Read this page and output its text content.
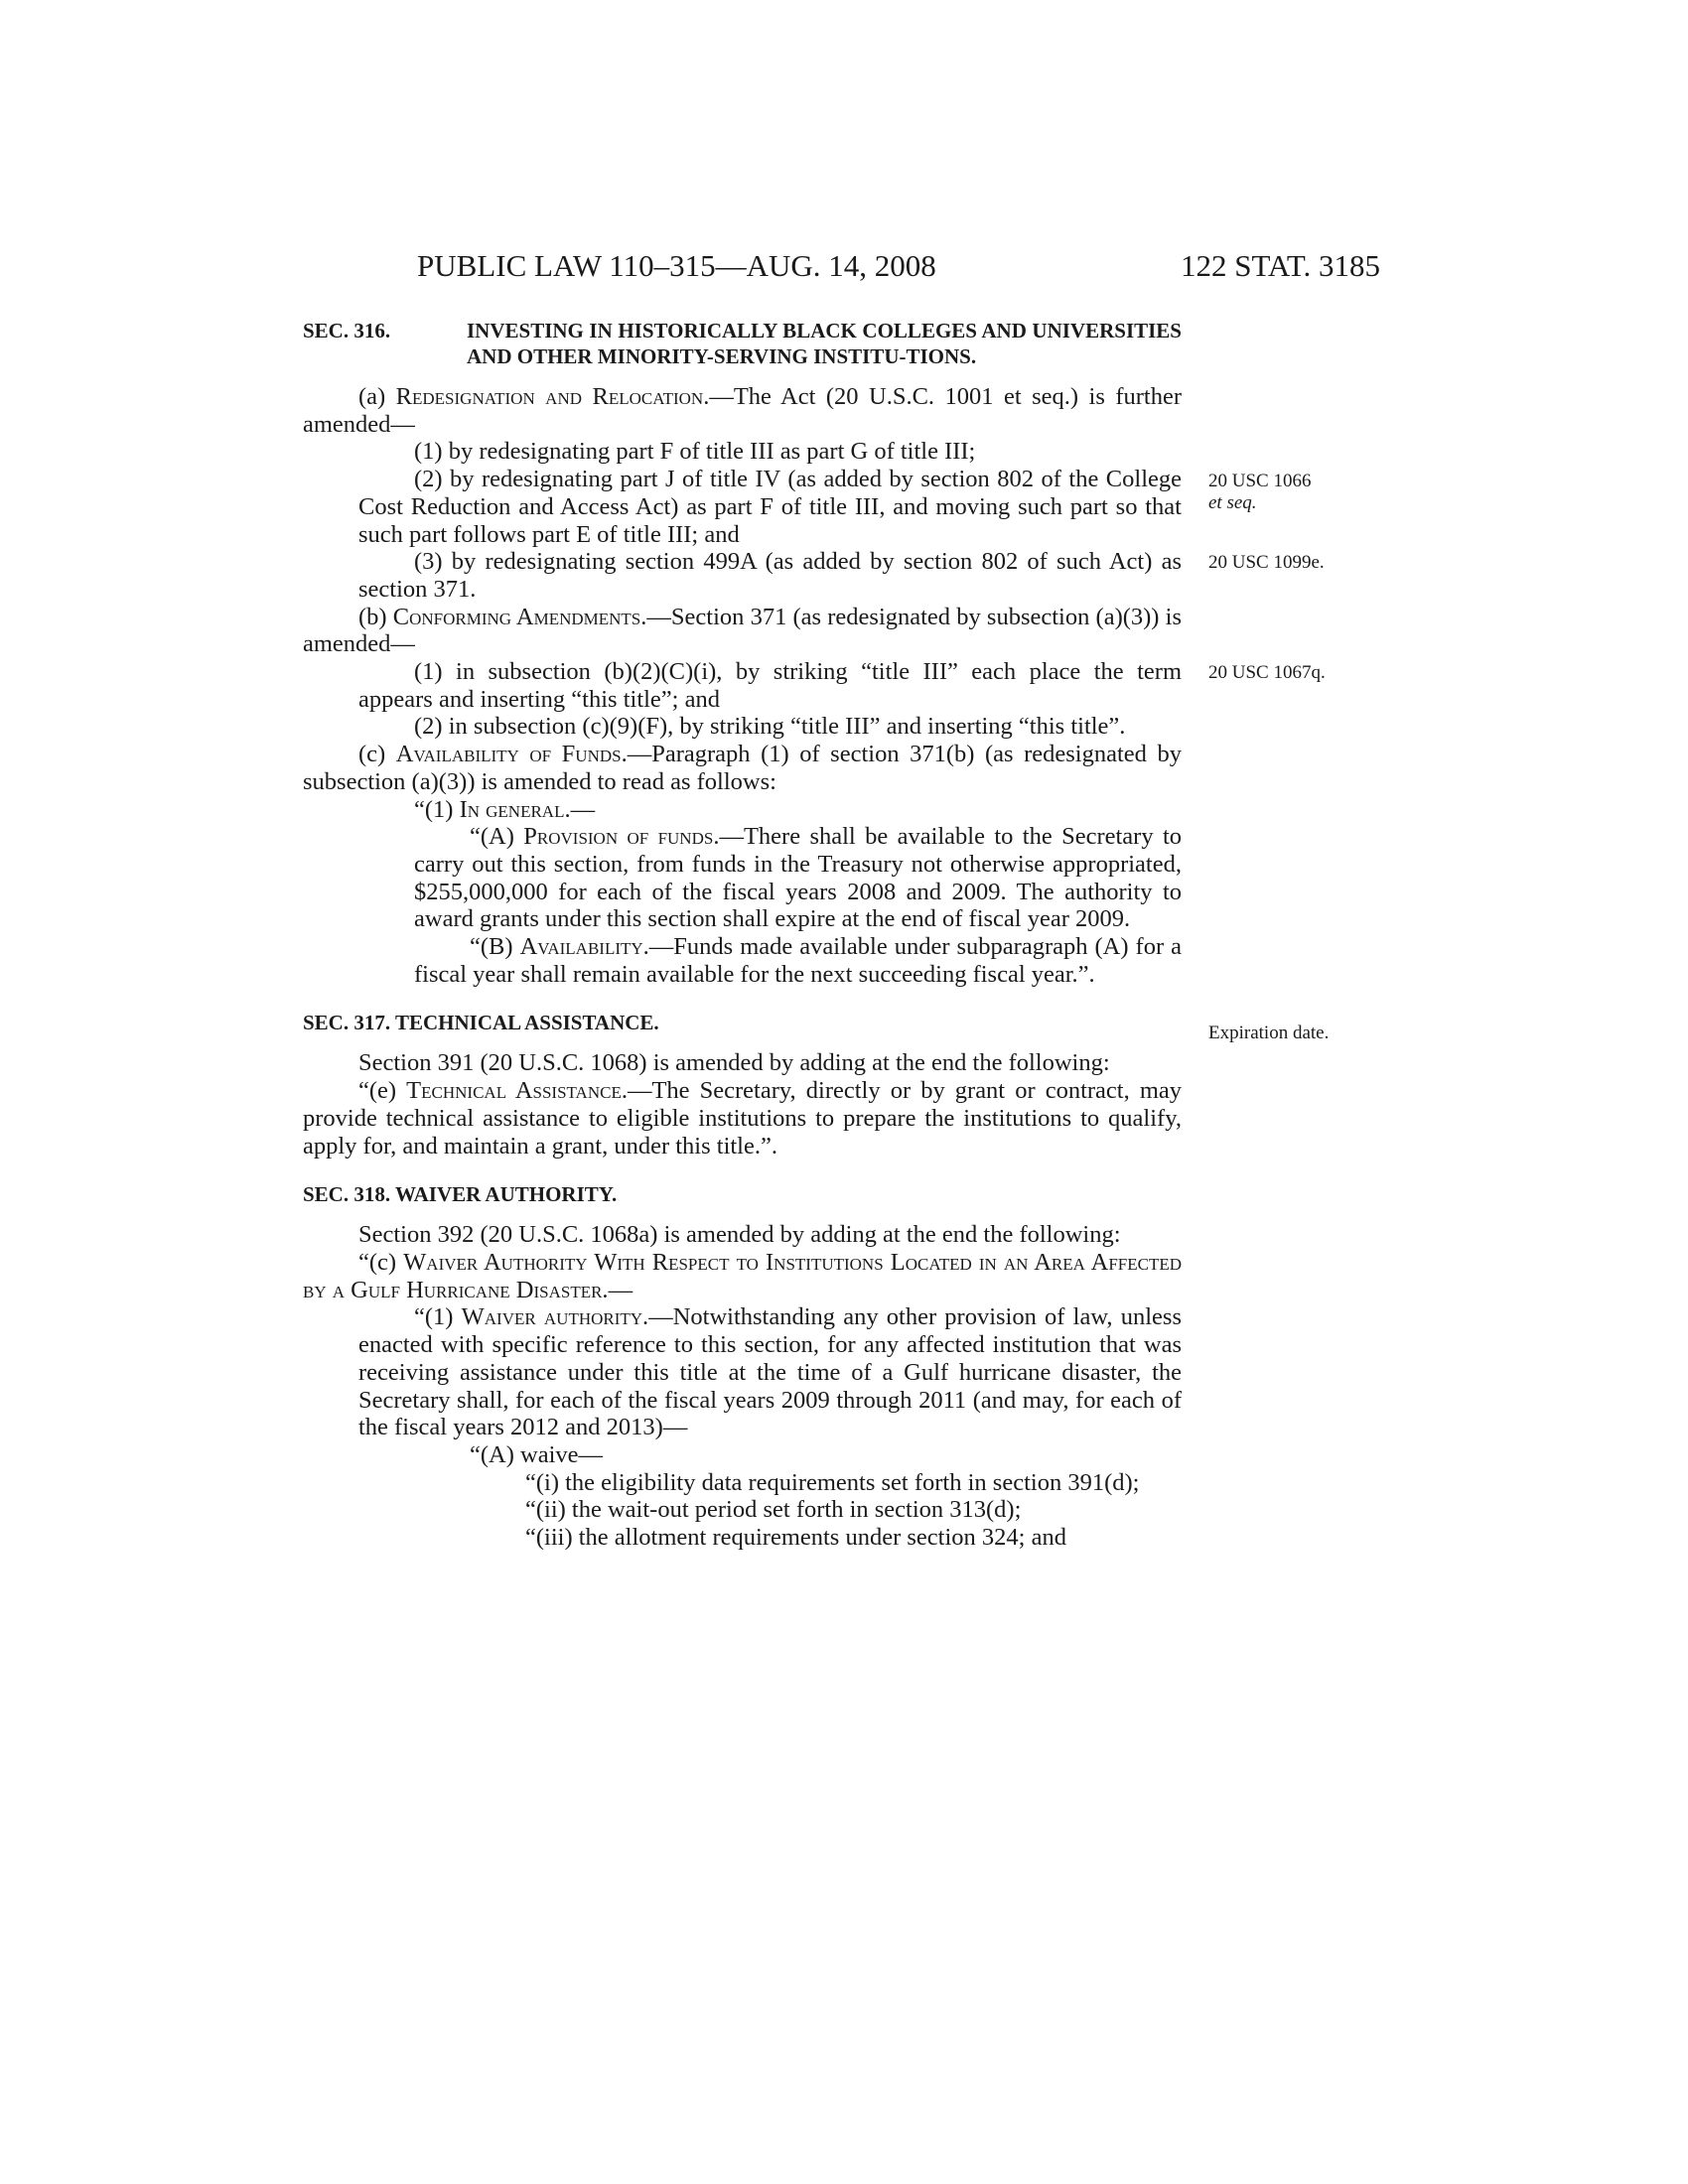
PUBLIC LAW 110–315—AUG. 14, 2008	122 STAT. 3185
SEC. 316.	INVESTING IN HISTORICALLY BLACK COLLEGES AND UNIVERSITIES AND OTHER MINORITY-SERVING INSTITU-TIONS.

(a) Redesignation and Relocation.—The Act (20 U.S.C. 1001 et seq.) is further amended—

(1) by redesignating part F of title III as part G of title III;

(2) by redesignating part J of title IV (as added by section 802 of the College Cost Reduction and Access Act) as part F of title III, and moving such part so that such part follows part E of title III; and

(3) by redesignating section 499A (as added by section 802 of such Act) as section 371.

(b) Conforming Amendments.—Section 371 (as redesignated by subsection (a)(3)) is amended—

(1) in subsection (b)(2)(C)(i), by striking “title III” each place the term appears and inserting “this title”; and

(2) in subsection (c)(9)(F), by striking “title III” and inserting “this title”.

(c) Availability of Funds.—Paragraph (1) of section 371(b) (as redesignated by subsection (a)(3)) is amended to read as follows:

“(1) In general.—

“(A) Provision of funds.—There shall be available to the Secretary to carry out this section, from funds in the Treasury not otherwise appropriated, $255,000,000 for each of the fiscal years 2008 and 2009. The authority to award grants under this section shall expire at the end of fiscal year 2009.

“(B) Availability.—Funds made available under subparagraph (A) for a fiscal year shall remain available for the next succeeding fiscal year.”.

SEC. 317. TECHNICAL ASSISTANCE.

Section 391 (20 U.S.C. 1068) is amended by adding at the end the following:

“(e) Technical Assistance.—The Secretary, directly or by grant or contract, may provide technical assistance to eligible institutions to prepare the institutions to qualify, apply for, and maintain a grant, under this title.”.

SEC. 318. WAIVER AUTHORITY.

Section 392 (20 U.S.C. 1068a) is amended by adding at the end the following:

“(c) Waiver Authority With Respect to Institutions Located in an Area Affected by a Gulf Hurricane Disaster.—

“(1) Waiver authority.—Notwithstanding any other provision of law, unless enacted with specific reference to this section, for any affected institution that was receiving assistance under this title at the time of a Gulf hurricane disaster, the Secretary shall, for each of the fiscal years 2009 through 2011 (and may, for each of the fiscal years 2012 and 2013)—

“(A) waive—

“(i) the eligibility data requirements set forth in section 391(d);

“(ii) the wait-out period set forth in section 313(d);

“(iii) the allotment requirements under section 324; and

20 USC 1066
et seq.
20 USC 1099e.
20 USC 1067q.
Expiration date.
